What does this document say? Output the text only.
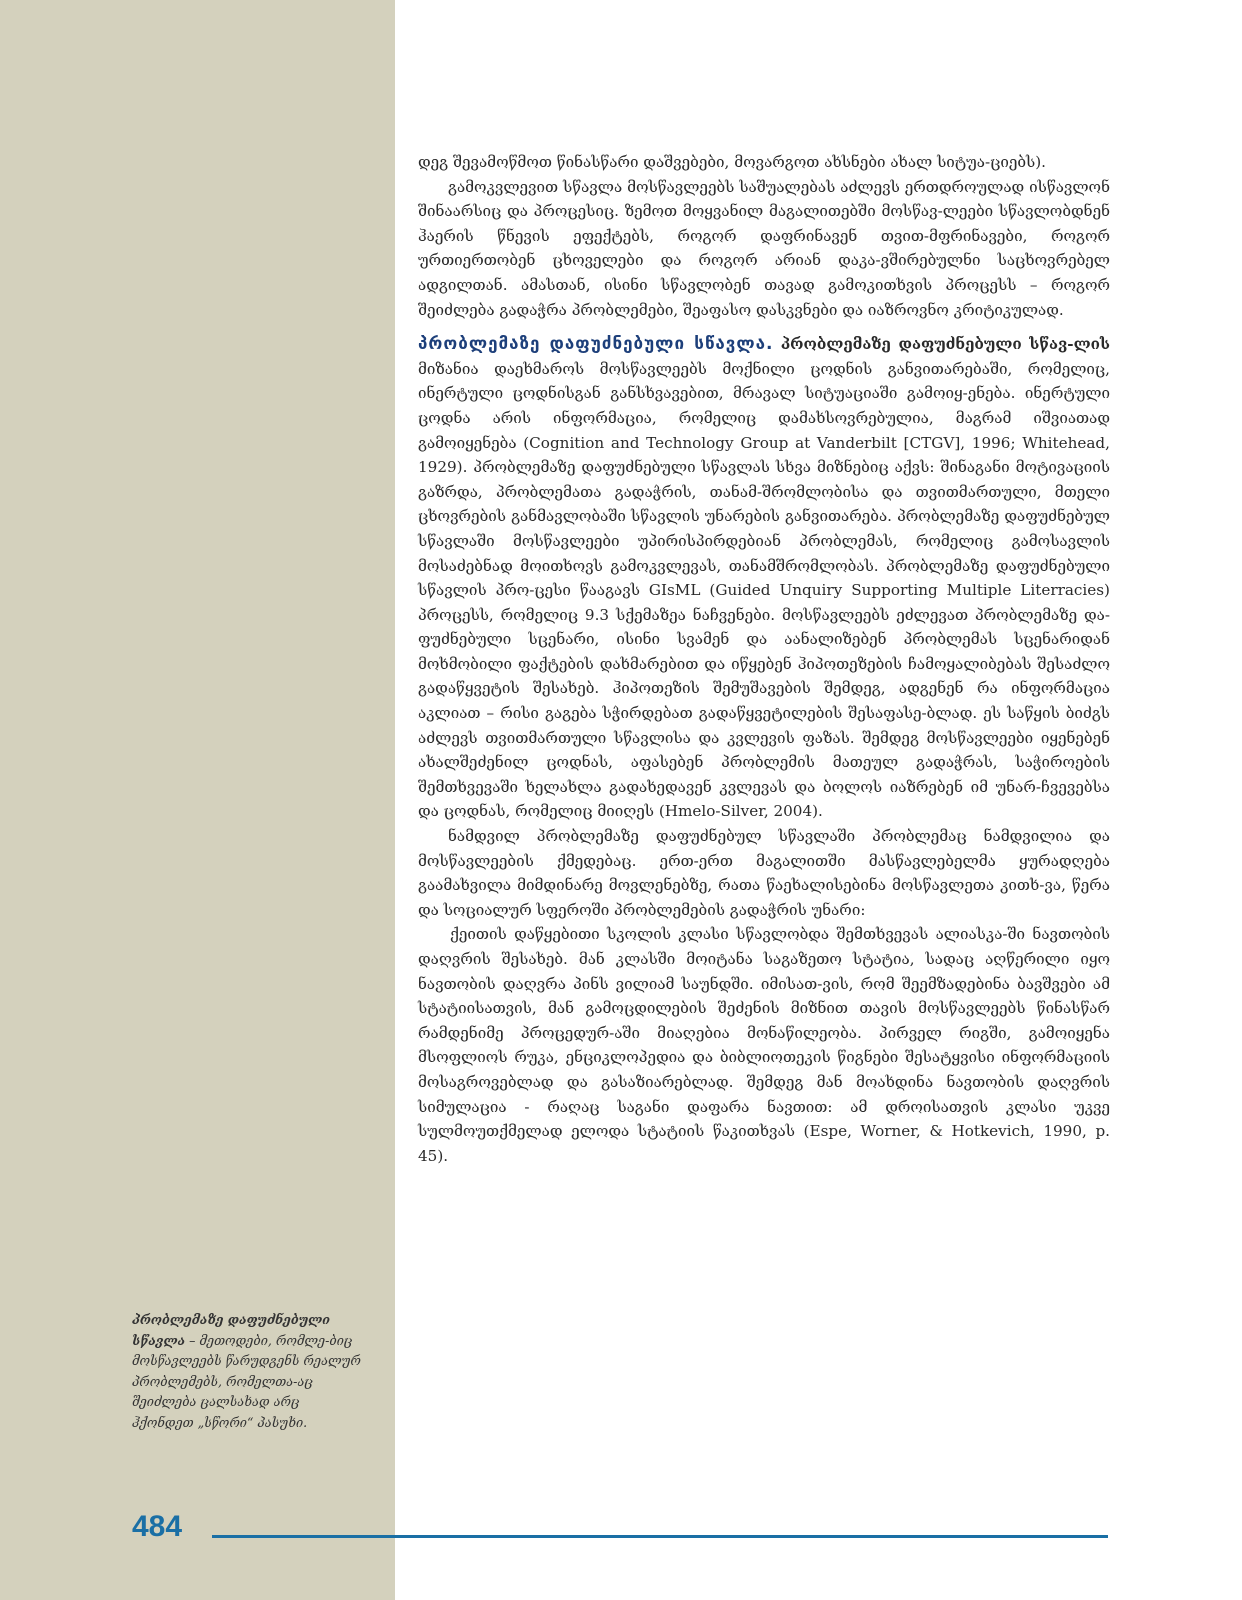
დეგ შევამოწმოთ წინასწარი დაშვებები, მოვარგოთ ახსნები ახალ სიტუა-ციებს).

გამოკვლევით სწავლა მოსწავლეებს საშუალებას აძლევს ერთდროულად ისწავლონ შინაარსიც და პროცესიც. ზემოთ მოყვანილ მაგალითებში მოსწავ-ლეები სწავლობდნენ ჰაერის წნევის ეფექტებს, როგორ დაფრინავენ თვით-მფრინავები, როგორ ურთიერთობენ ცხოველები და როგორ არიან დაკა-ვშირებულნი საცხოვრებელ ადგილთან. ამასთან, ისინი სწავლობენ თავად გამოკითხვის პროცესს – როგორ შეიძლება გადაჭრა პრობლემები, შეაფასო დასკვნები და იაზროვნო კრიტიკულად.

პრობლემაზე დაფუძნებული სწავლა. პრობლემაზე დაფუძნებული სწავ-ლის მიზანია დაეხმაროს მოსწავლეებს მოქნილი ცოდნის განვითარებაში, რომელიც, ინერტული ცოდნისგან განსხვავებით, მრავალ სიტუაციაში გამოიყ-ენება. ინერტული ცოდნა არის ინფორმაცია, რომელიც დამახსოვრებულია, მაგრამ იშვიათად გამოიყენება (Cognition and Technology Group at Vanderbilt [CTGV], 1996; Whitehead, 1929). პრობლემაზე დაფუძნებული სწავლას სხვა მიზნებიც აქვს: შინაგანი მოტივაციის გაზრდა, პრობლემათა გადაჭრის, თანამ-შრომლობისა და თვითმართული, მთელი ცხოვრების განმავლობაში სწავლის უნარების განვითარება. პრობლემაზე დაფუძნებულ სწავლაში მოსწავლეები უპირისპირდებიან პრობლემას, რომელიც გამოსავლის მოსაძებნად მოითხოვს გამოკვლევას, თანამშრომლობას. პრობლემაზე დაფუძნებული სწავლის პრო-ცესი წააგავს GIsML (Guided Unquiry Supporting Multiple Literracies) პროცესს, რომელიც 9.3 სქემაზეა ნაჩვენები. მოსწავლეებს ეძლევათ პრობლემაზე და-ფუძნებული სცენარი, ისინი სვამენ და აანალიზებენ პრობლემას სცენარიდან მოხმობილი ფაქტების დახმარებით და იწყებენ ჰიპოთეზების ჩამოყალიბებას შესაძლო გადაწყვეტის შესახებ. ჰიპოთეზის შემუშავების შემდეგ, ადგენენ რა ინფორმაცია აკლიათ – რისი გაგება სჭირდებათ გადაწყვეტილების შესაფასე-ბლად. ეს საწყის ბიძგს აძლევს თვითმართული სწავლისა და კვლევის ფაზას. შემდეგ მოსწავლეები იყენებენ ახალშეძენილ ცოდნას, აფასებენ პრობლემის მათეულ გადაჭრას, საჭიროების შემთხვევაში ხელახლა გადახედავენ კვლევას და ბოლოს იაზრებენ იმ უნარ-ჩვევებსა და ცოდნას, რომელიც მიიღეს (Hmelo-Silver, 2004).

ნამდვილ პრობლემაზე დაფუძნებულ სწავლაში პრობლემაც ნამდვილია და მოსწავლეების ქმედებაც. ერთ-ერთ მაგალითში მასწავლებელმა ყურადღება გაამახვილა მიმდინარე მოვლენებზე, რათა წაეხალისებინა მოსწავლეთა კითხ-ვა, წერა და სოციალურ სფეროში პრობლემების გადაჭრის უნარი:

ქეითის დაწყებითი სკოლის კლასი სწავლობდა შემთხვევას ალიასკა-ში ნავთობის დაღვრის შესახებ. მან კლასში მოიტანა საგაზეთო სტატია, სადაც აღწერილი იყო ნავთობის დაღვრა პინს ვილიამ საუნდში. იმისათ-ვის, რომ შეემზადებინა ბავშვები ამ სტატიისათვის, მან გამოცდილების შეძენის მიზნით თავის მოსწავლეებს წინასწარ რამდენიმე პროცედურ-აში მიაღებია მონაწილეობა. პირველ რიგში, გამოიყენა მსოფლიოს რუკა, ენციკლოპედია და ბიბლიოთეკის წიგნები შესატყვისი ინფორმაციის მოსაგროვებლად და გასაზიარებლად. შემდეგ მან მოახდინა ნავთობის დაღვრის სიმულაცია - რაღაც საგანი დაფარა ნავთით: ამ დროისათვის კლასი უკვე სულმოუთქმელად ელოდა სტატიის წაკითხვას (Espe, Worner, & Hotkevich, 1990, p. 45).

პრობლემაზე დაფუძნებული სწავლა – მეთოდები, რომლე-ბიც მოსწავლეებს წარუდგენს რეალურ პრობლემებს, რომელთა-აც შეიძლება ცალსახად არც ჰქონდეთ „სწორი“ პასუხი.
484
